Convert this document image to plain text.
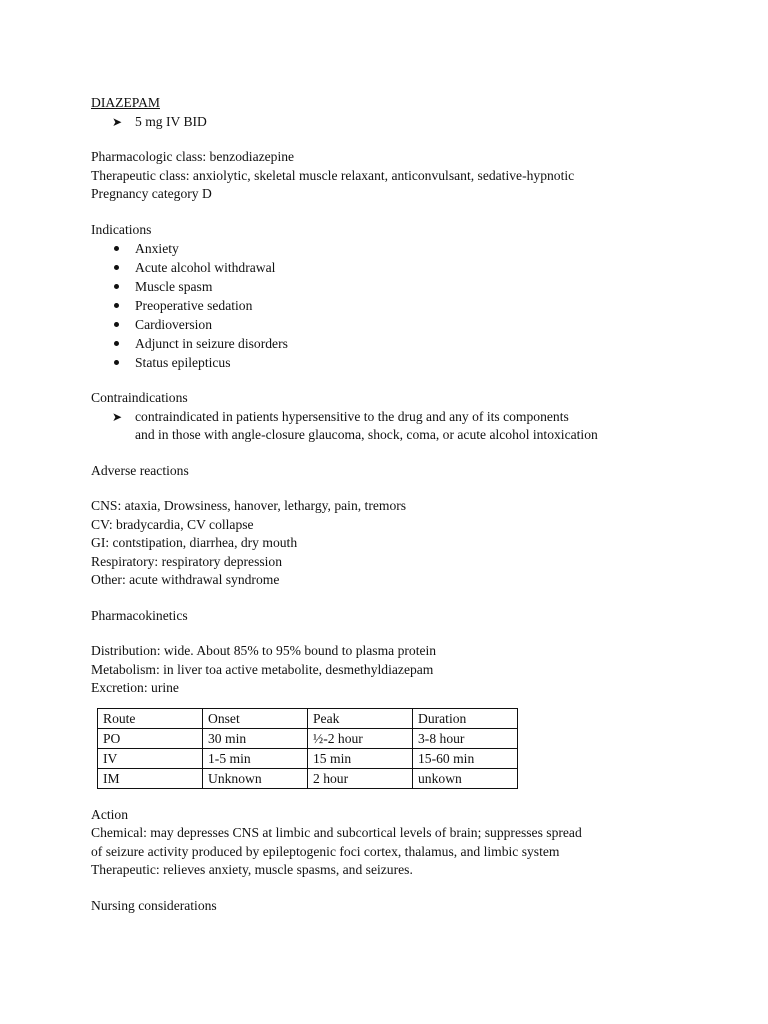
DIAZEPAM

➤ 5 mg IV BID

Pharmacologic class: benzodiazepine

Therapeutic class: anxiolytic, skeletal muscle relaxant, anticonvulsant, sedative-hypnotic

Pregnancy category D

Indications

Anxiety
Acute alcohol withdrawal
Muscle spasm
Preoperative sedation
Cardioversion
Adjunct in seizure disorders
Status epilepticus

Contraindications

➤ contraindicated in patients hypersensitive to the drug and any of its components
and in those with angle-closure glaucoma, shock, coma, or acute alcohol intoxication

Adverse reactions

CNS: ataxia, Drowsiness, hanover, lethargy, pain, tremors

CV: bradycardia, CV collapse

GI: contstipation, diarrhea, dry mouth

Respiratory: respiratory depression

Other: acute withdrawal syndrome

Pharmacokinetics

Distribution: wide. About 85% to 95% bound to plasma protein

Metabolism: in liver toa active metabolite, desmethyldiazepam

Excretion: urine

Route	Onset	Peak	Duration
PO	30 min	½-2 hour	3-8 hour
IV	1-5 min	15 min	15-60 min
IM	Unknown	2 hour	unkown

Action

Chemical: may depresses CNS at limbic and subcortical levels of brain; suppresses spread

of seizure activity produced by epileptogenic foci cortex, thalamus, and limbic system

Therapeutic: relieves anxiety, muscle spasms, and seizures.

Nursing considerations
